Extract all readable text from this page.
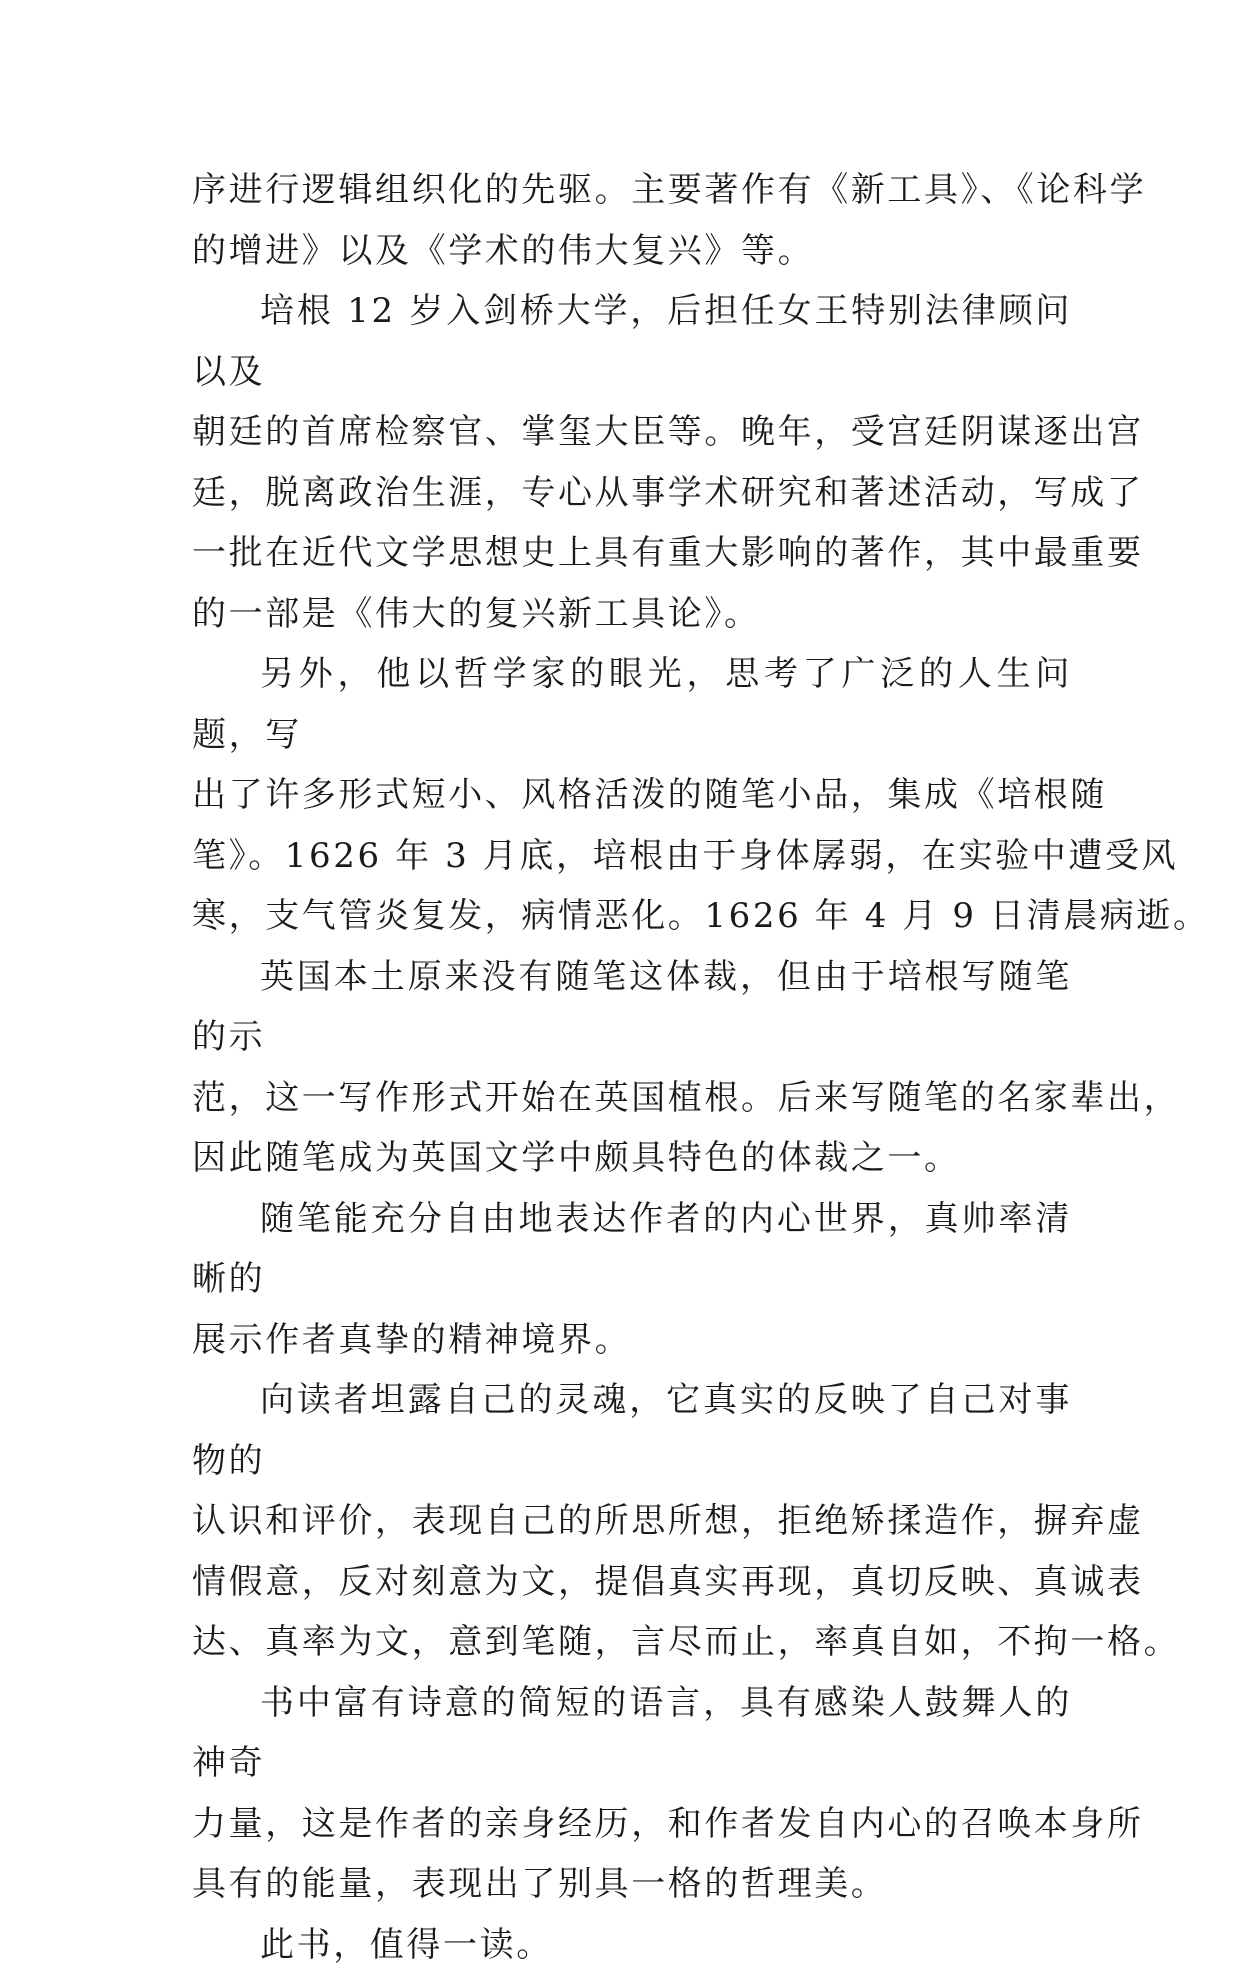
序进行逻辑组织化的先驱。主要著作有《新工具》、《论科学
的增进》以及《学术的伟大复兴》等。

培根 12 岁入剑桥大学，后担任女王特别法律顾问以及
朝廷的首席检察官、掌玺大臣等。晚年，受宫廷阴谋逐出宫
廷，脱离政治生涯，专心从事学术研究和著述活动，写成了
一批在近代文学思想史上具有重大影响的著作，其中最重要
的一部是《伟大的复兴新工具论》。

另外，他以哲学家的眼光，思考了广泛的人生问题，写
出了许多形式短小、风格活泼的随笔小品，集成《培根随
笔》。1626 年 3 月底，培根由于身体孱弱，在实验中遭受风
寒，支气管炎复发，病情恶化。1626 年 4 月 9 日清晨病逝。

英国本土原来没有随笔这体裁，但由于培根写随笔的示
范，这一写作形式开始在英国植根。后来写随笔的名家辈出，
因此随笔成为英国文学中颇具特色的体裁之一。

随笔能充分自由地表达作者的内心世界，真帅率清晰的
展示作者真挚的精神境界。

向读者坦露自己的灵魂，它真实的反映了自己对事物的
认识和评价，表现自己的所思所想，拒绝矫揉造作，摒弃虚
情假意，反对刻意为文，提倡真实再现，真切反映、真诚表
达、真率为文，意到笔随，言尽而止，率真自如，不拘一格。

书中富有诗意的简短的语言，具有感染人鼓舞人的神奇
力量，这是作者的亲身经历，和作者发自内心的召唤本身所
具有的能量，表现出了别具一格的哲理美。

此书，值得一读。
